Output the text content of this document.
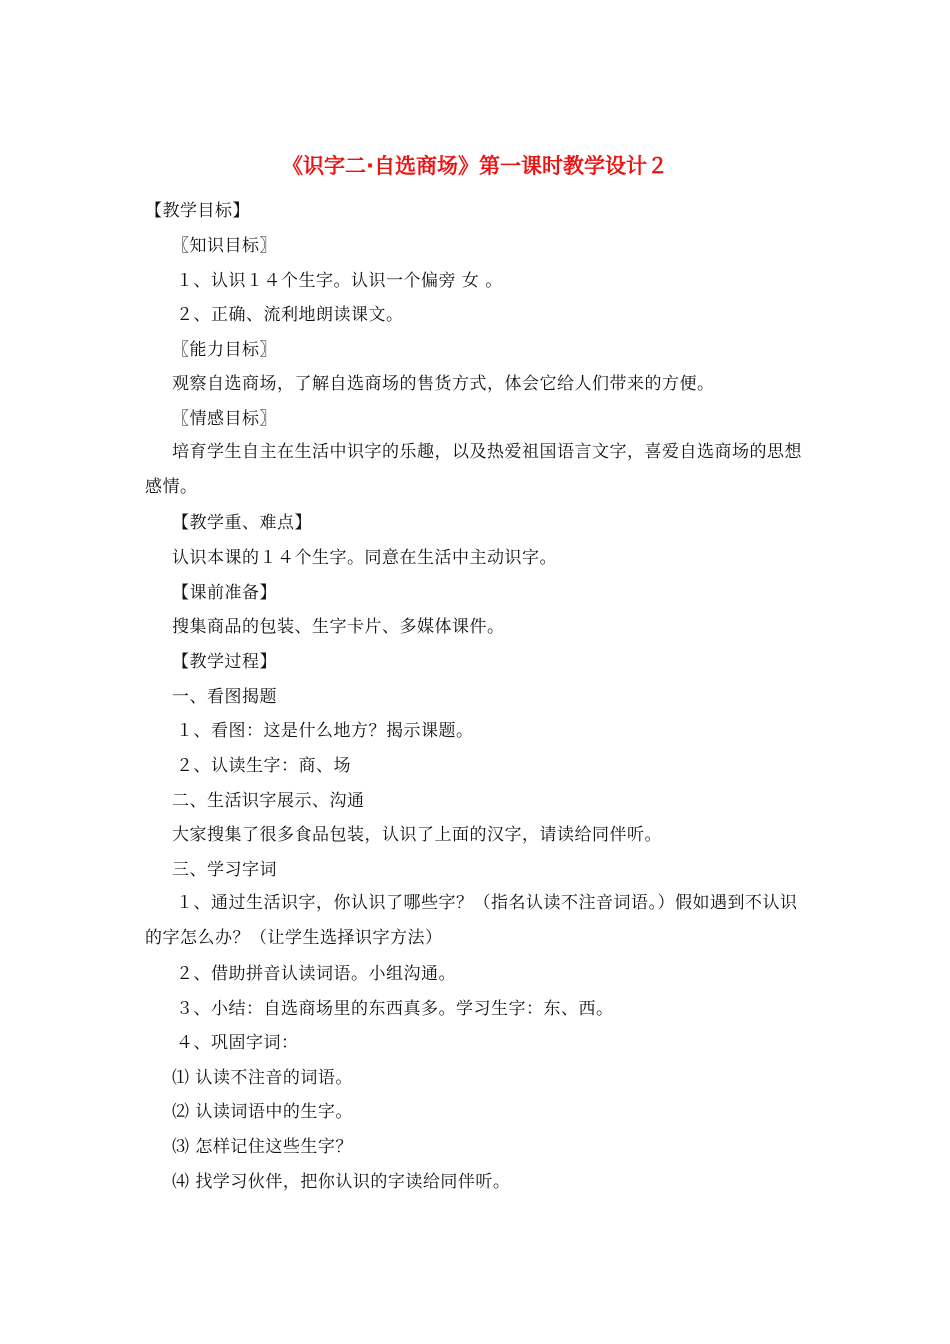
《识字二·自选商场》第一课时教学设计２
【教学目标】
〖知识目标〗
１、认识１４个生字。认识一个偏旁 女 。
２、正确、流利地朗读课文。
〖能力目标〗
观察自选商场，了解自选商场的售货方式，体会它给人们带来的方便。
〖情感目标〗
培育学生自主在生活中识字的乐趣，以及热爱祖国语言文字，喜爱自选商场的思想感情。
【教学重、难点】
认识本课的１４个生字。同意在生活中主动识字。
【课前准备】
搜集商品的包装、生字卡片、多媒体课件。
【教学过程】
一、看图揭题
１、看图：这是什么地方？揭示课题。
２、认读生字：商、场
二、生活识字展示、沟通
大家搜集了很多食品包装，认识了上面的汉字，请读给同伴听。
三、学习字词
１、通过生活识字，你认识了哪些字？（指名认读不注音词语。）假如遇到不认识的字怎么办？（让学生选择识字方法）
２、借助拼音认读词语。小组沟通。
３、小结：自选商场里的东西真多。学习生字：东、西。
４、巩固字词：
⑴ 认读不注音的词语。
⑵ 认读词语中的生字。
⑶ 怎样记住这些生字？
⑷ 找学习伙伴，把你认识的字读给同伴听。
